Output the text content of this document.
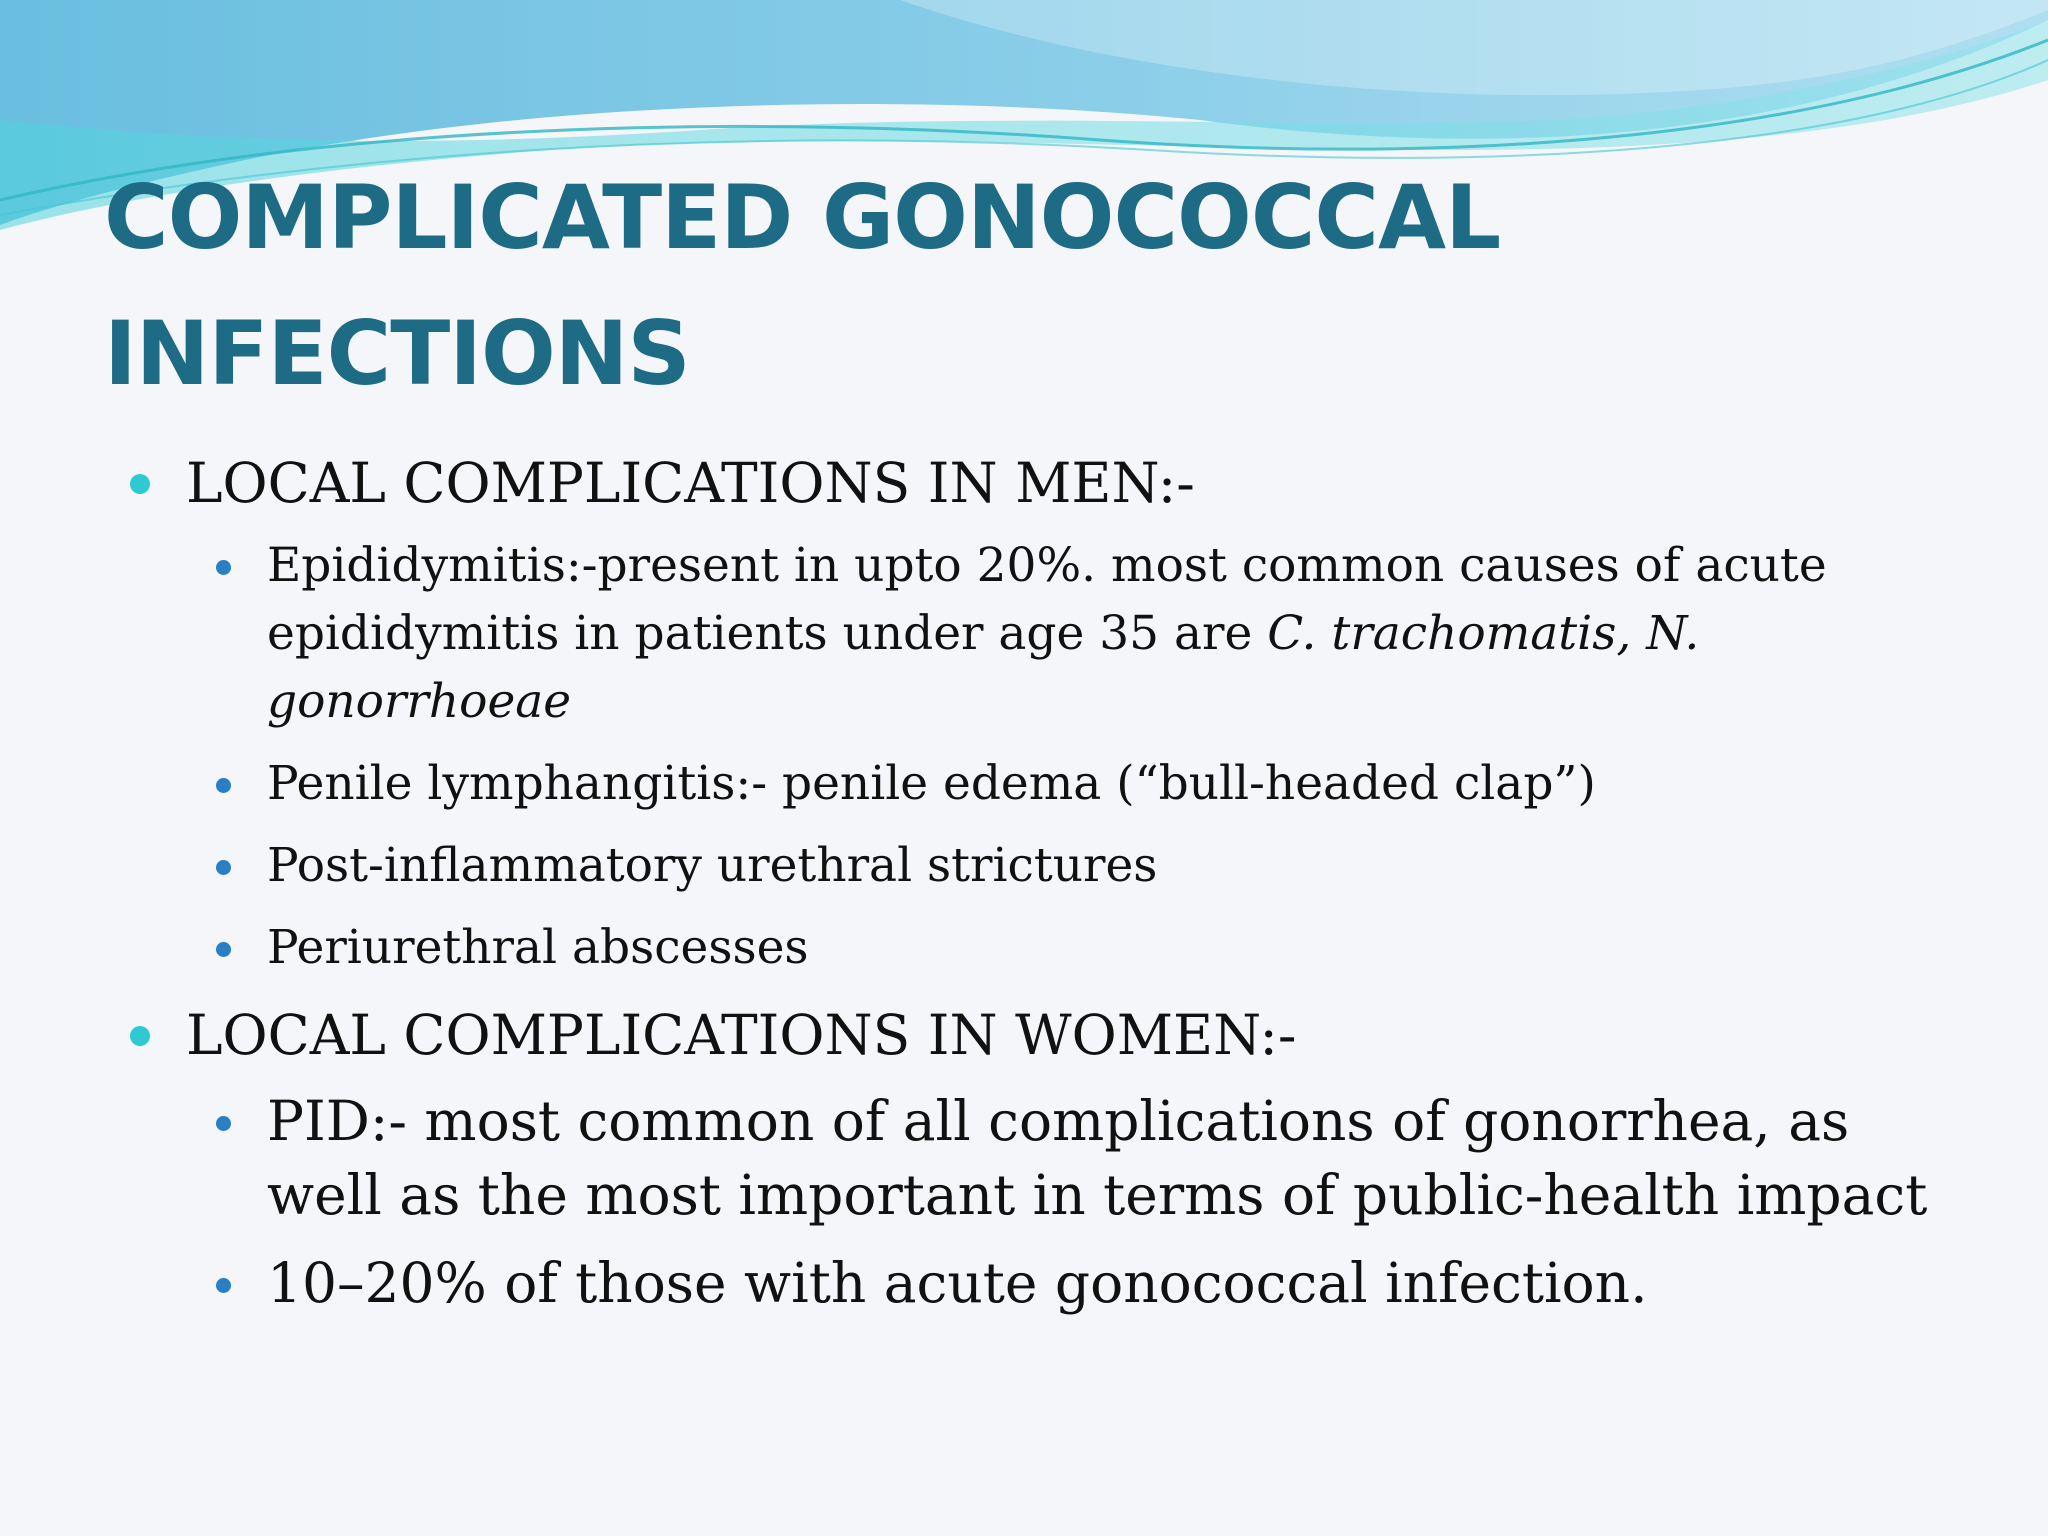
COMPLICATED GONOCOCCAL
INFECTIONS

LOCAL COMPLICATIONS IN MEN:-

Epididymitis:-present in upto 20%. most common causes of acute epididymitis in patients under age 35 are C. trachomatis, N. gonorrhoeae
Penile lymphangitis:- penile edema (“bull-headed clap”)
Post-inflammatory urethral strictures
Periurethral abscesses

LOCAL COMPLICATIONS IN WOMEN:-

PID:- most common of all complications of gonorrhea, as well as the most important in terms of public-health impact
10–20% of those with acute gonococcal infection.
